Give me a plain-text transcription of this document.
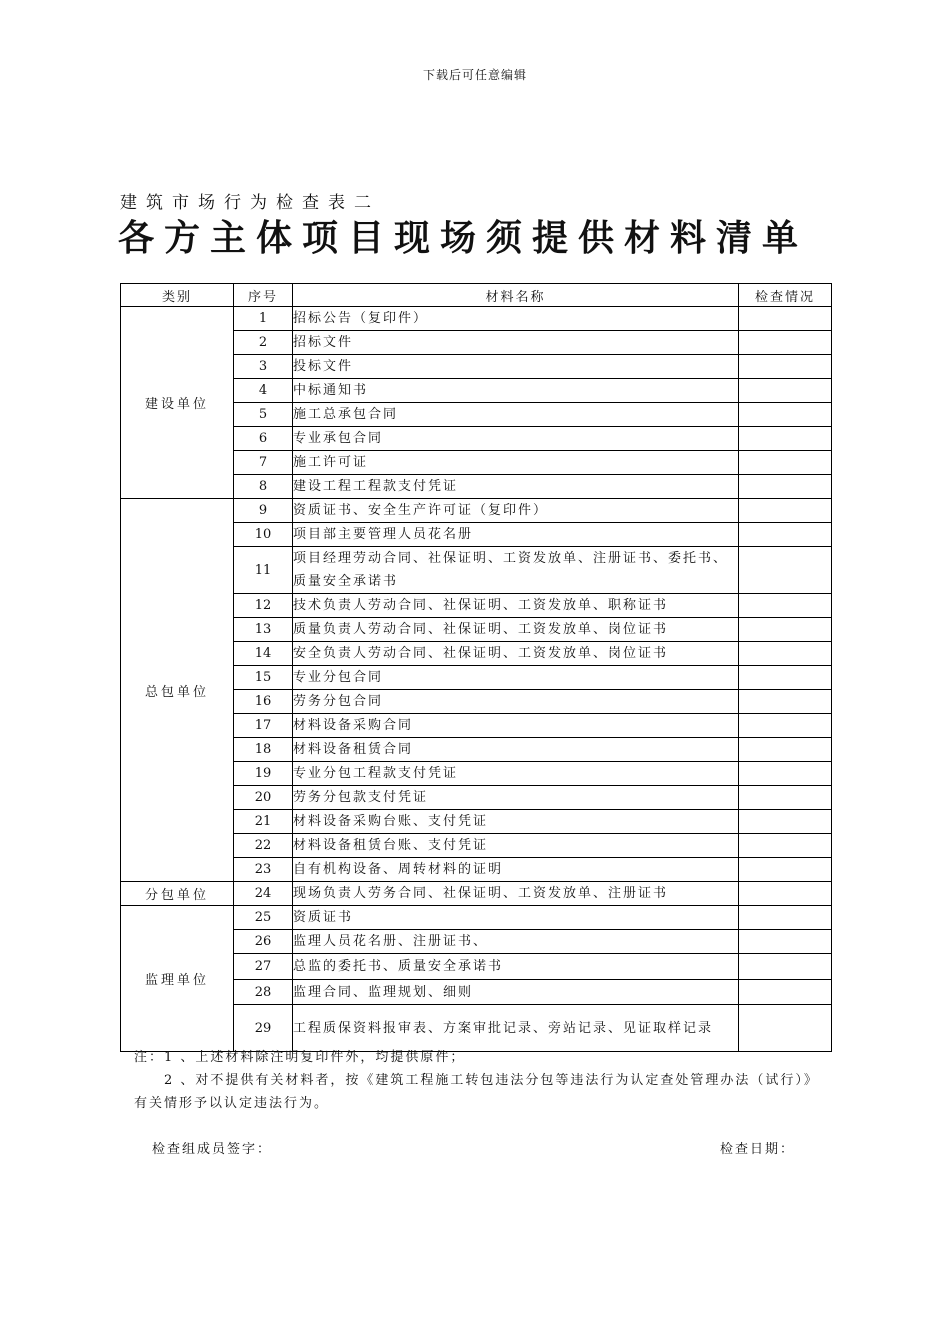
下载后可任意编辑
建筑市场行为检查表二
各方主体项目现场须提供材料清单
类别	序号	材料名称	检查情况
建设单位	1	招标公告（复印件）	
	2	招标文件	
	3	投标文件	
	4	中标通知书	
	5	施工总承包合同	
	6	专业承包合同	
	7	施工许可证	
	8	建设工程工程款支付凭证	
总包单位	9	资质证书、安全生产许可证（复印件）	
	10	项目部主要管理人员花名册	
	11	项目经理劳动合同、社保证明、工资发放单、注册证书、委托书、质量安全承诺书	
	12	技术负责人劳动合同、社保证明、工资发放单、职称证书	
	13	质量负责人劳动合同、社保证明、工资发放单、岗位证书	
	14	安全负责人劳动合同、社保证明、工资发放单、岗位证书	
	15	专业分包合同	
	16	劳务分包合同	
	17	材料设备采购合同	
	18	材料设备租赁合同	
	19	专业分包工程款支付凭证	
	20	劳务分包款支付凭证	
	21	材料设备采购台账、支付凭证	
	22	材料设备租赁台账、支付凭证	
	23	自有机构设备、周转材料的证明	
分包单位	24	现场负责人劳务合同、社保证明、工资发放单、注册证书	
监理单位	25	资质证书	
	26	监理人员花名册、注册证书、	
	27	总监的委托书、质量安全承诺书	
	28	监理合同、监理规划、细则	
	29	工程质保资料报审表、方案审批记录、旁站记录、见证取样记录	
注：1 、上述材料除注明复印件外，均提供原件；
2 、对不提供有关材料者，按《建筑工程施工转包违法分包等违法行为认定查处管理办法（试行）》有关情形予以认定违法行为。
检查组成员签字：	检查日期：
